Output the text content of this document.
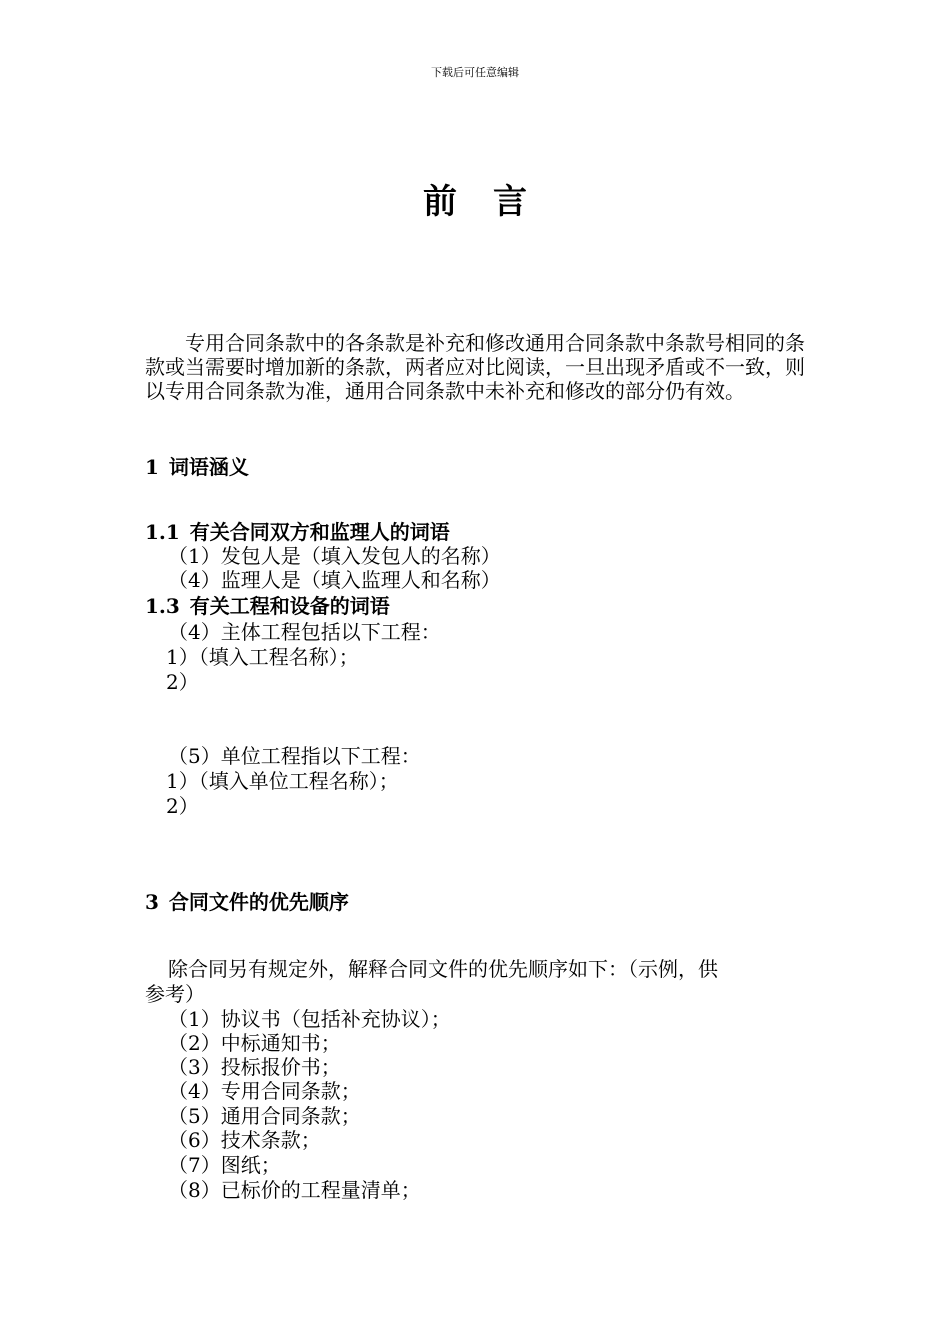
下载后可任意编辑
前言

专用合同条款中的各条款是补充和修改通用合同条款中条款号相同的条款或当需要时增加新的条款，两者应对比阅读，一旦出现矛盾或不一致，则以专用合同条款为准，通用合同条款中未补充和修改的部分仍有效。

1 词语涵义
1.1 有关合同双方和监理人的词语
（1）发包人是（填入发包人的名称）
（4）监理人是（填入监理人和名称）
1.3 有关工程和设备的词语
（4）主体工程包括以下工程：
1）（填入工程名称）；
2）
（5）单位工程指以下工程：
1）（填入单位工程名称）；
2）
3 合同文件的优先顺序
除合同另有规定外，解释合同文件的优先顺序如下：（示例，供
参考）
（1）协议书（包括补充协议）；
（2）中标通知书；
（3）投标报价书；
（4）专用合同条款；
（5）通用合同条款；
（6）技术条款；
（7）图纸；
（8）已标价的工程量清单；
